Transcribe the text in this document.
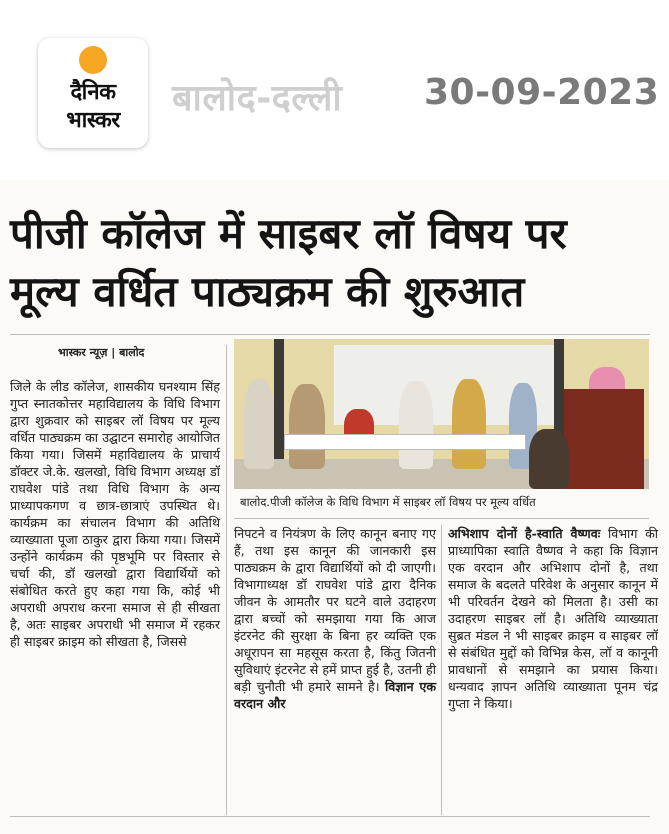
दैनिक
भास्कर
बालोद-दल्ली 30-09-2023
पीजी कॉलेज में साइबर लॉ विषय पर
मूल्य वर्धित पाठ्यक्रम की शुरुआत
भास्कर न्यूज़ | बालोद

जिले के लीड कॉलेज, शासकीय घनश्याम सिंह गुप्त स्नातकोत्तर महाविद्यालय के विधि विभाग द्वारा शुक्रवार को साइबर लॉ विषय पर मूल्य वर्धित पाठ्यक्रम का उद्घाटन समारोह आयोजित किया गया। जिसमें महाविद्यालय के प्राचार्य डॉक्टर जे.के. खलखो, विधि विभाग अध्यक्ष डॉ राघवेश पांडे तथा विधि विभाग के अन्य प्राध्यापकगण व छात्र-छात्राएं उपस्थित थे। कार्यक्रम का संचालन विभाग की अतिथि व्याख्याता पूजा ठाकुर द्वारा किया गया। जिसमें उन्होंने कार्यक्रम की पृष्ठभूमि पर विस्तार से चर्चा की, डॉ खलखो द्वारा विद्यार्थियों को संबोधित करते हुए कहा गया कि, कोई भी अपराधी अपराध करना समाज से ही सीखता है, अतः साइबर अपराधी भी समाज में रहकर ही साइबर क्राइम को सीखता है, जिससे

बालोद.पीजी कॉलेज के विधि विभाग में साइबर लॉ विषय पर मूल्य वर्धित

निपटने व नियंत्रण के लिए कानून बनाए गए हैं, तथा इस कानून की जानकारी इस पाठ्यक्रम के द्वारा विद्यार्थियों को दी जाएगी। विभागाध्यक्ष डॉ राघवेश पांडे द्वारा दैनिक जीवन के आमतौर पर घटने वाले उदाहरण द्वारा बच्चों को समझाया गया कि आज इंटरनेट की सुरक्षा के बिना हर व्यक्ति एक अधूरापन सा महसूस करता है, किंतु जितनी सुविधाएं इंटरनेट से हमें प्राप्त हुई है, उतनी ही बड़ी चुनौती भी हमारे सामने है। विज्ञान एक वरदान और

अभिशाप दोनों है-स्वाति वैष्णवः विभाग की प्राध्यापिका स्वाति वैष्णव ने कहा कि विज्ञान एक वरदान और अभिशाप दोनों है, तथा समाज के बदलते परिवेश के अनुसार कानून में भी परिवर्तन देखने को मिलता है। उसी का उदाहरण साइबर लॉ है। अतिथि व्याख्याता सुब्रत मंडल ने भी साइबर क्राइम व साइबर लॉ से संबंधित मुद्दों को विभिन्न केस, लॉ व कानूनी प्रावधानों से समझाने का प्रयास किया। धन्यवाद ज्ञापन अतिथि व्याख्याता पूनम चंद्र गुप्ता ने किया।
